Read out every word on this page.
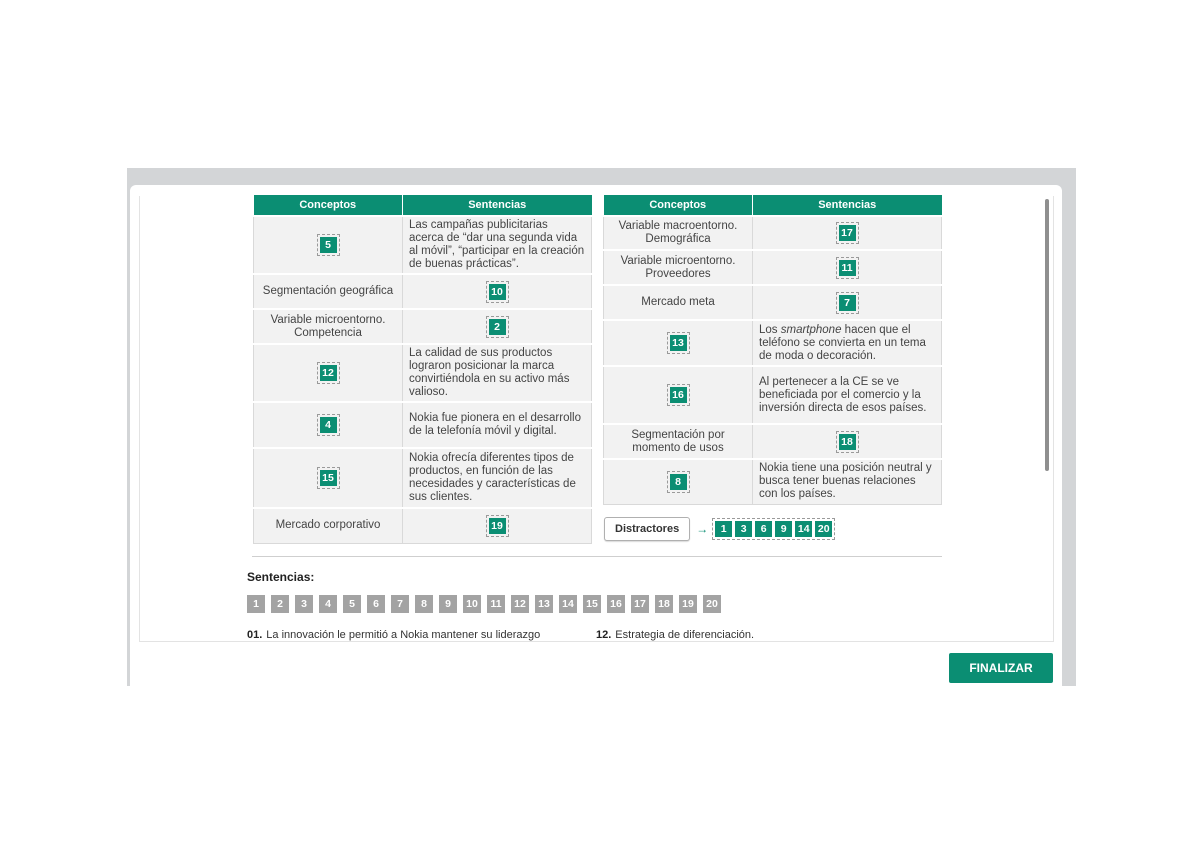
Conceptos	Sentencias
5	Las campañas publicitarias acerca de “dar una segunda vida al móvil”, “participar en la creación de buenas prácticas”.
Segmentación geográfica	10
Variable microentorno. Competencia	2
12	La calidad de sus productos lograron posicionar la marca convirtiéndola en su activo más valioso.
4	Nokia fue pionera en el desarrollo de la telefonía móvil y digital.
15	Nokia ofrecía diferentes tipos de productos, en función de las necesidades y características de sus clientes.
Mercado corporativo	19
Conceptos	Sentencias
Variable macroentorno. Demográfica	17
Variable microentorno. Proveedores	11
Mercado meta	7
13	Los smartphone hacen que el teléfono se convierta en un tema de moda o decoración.
16	Al pertenecer a la CE se ve beneficiada por el comercio y la inversión directa de esos países.
Segmentación por momento de usos	18
8	Nokia tiene una posición neutral y busca tener buenas relaciones con los países.
Distractores	→	1	3	6	9	14 20
Sentencias:
1	2	3	4	5	6	7	8	9	10	11	12	13	14	15	16	17	18	19	20
01. La innovación le permitió a Nokia mantener su liderazgo	12. Estrategia de diferenciación.
FINALIZAR
